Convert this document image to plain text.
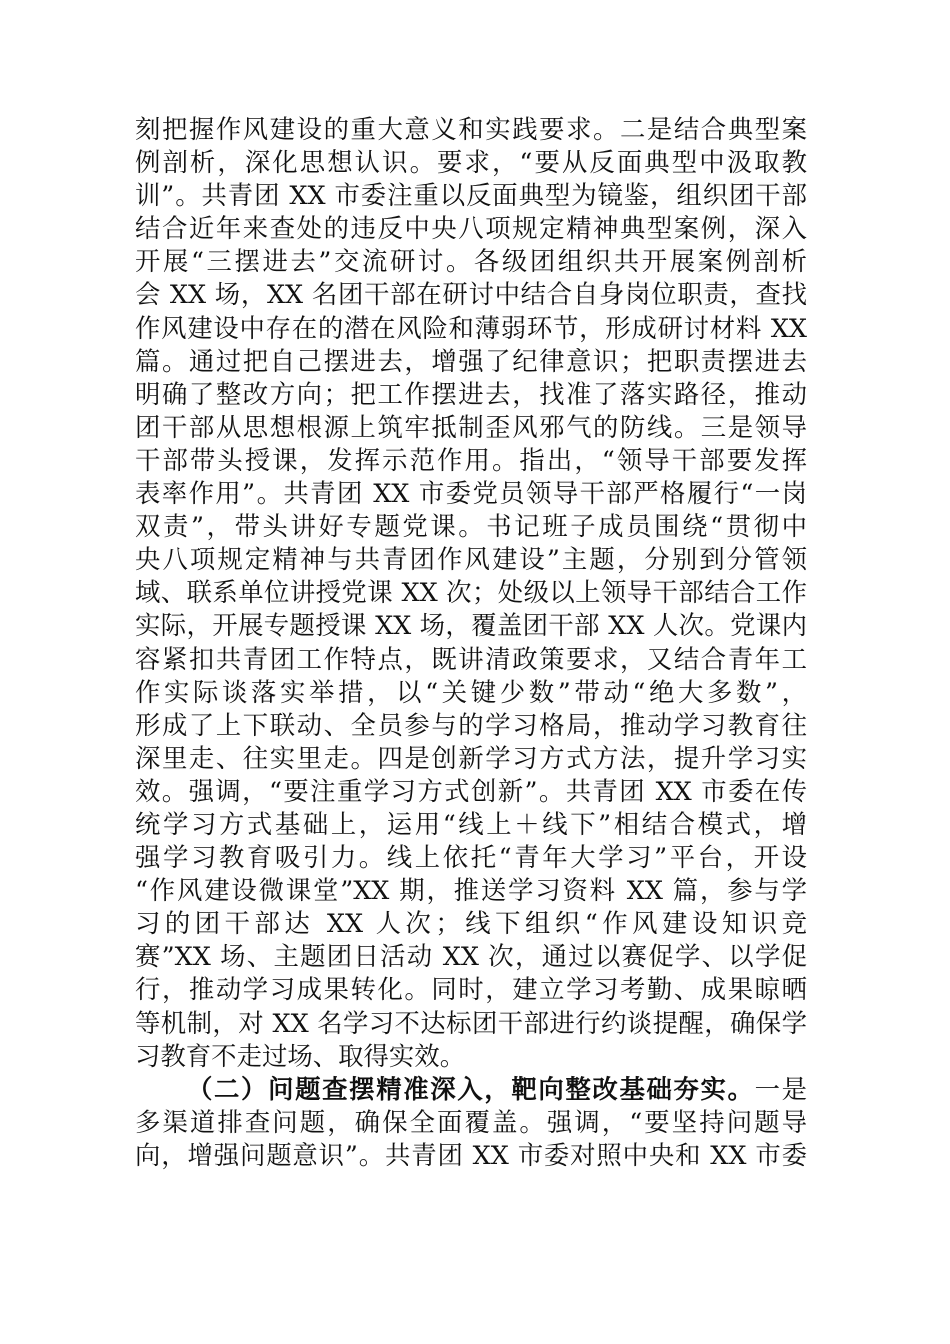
刻把握作风建设的重大意义和实践要求。二是结合典型案
例剖析，深化思想认识。要求，“要从反面典型中汲取教
训”。共青团 XX 市委注重以反面典型为镜鉴，组织团干部
结合近年来查处的违反中央八项规定精神典型案例，深入
开展“三摆进去”交流研讨。各级团组织共开展案例剖析
会 XX 场，XX 名团干部在研讨中结合自身岗位职责，查找
作风建设中存在的潜在风险和薄弱环节，形成研讨材料 XX
篇。通过把自己摆进去，增强了纪律意识；把职责摆进去
明确了整改方向；把工作摆进去，找准了落实路径，推动
团干部从思想根源上筑牢抵制歪风邪气的防线。三是领导
干部带头授课，发挥示范作用。指出，“领导干部要发挥
表率作用”。共青团 XX 市委党员领导干部严格履行“一岗
双责”，带头讲好专题党课。书记班子成员围绕“贯彻中
央八项规定精神与共青团作风建设”主题，分别到分管领
域、联系单位讲授党课 XX 次；处级以上领导干部结合工作
实际，开展专题授课 XX 场，覆盖团干部 XX 人次。党课内
容紧扣共青团工作特点，既讲清政策要求，又结合青年工
作实际谈落实举措，以“关键少数”带动“绝大多数”，
形成了上下联动、全员参与的学习格局，推动学习教育往
深里走、往实里走。四是创新学习方式方法，提升学习实
效。强调，“要注重学习方式创新”。共青团 XX 市委在传
统学习方式基础上，运用“线上＋线下”相结合模式，增
强学习教育吸引力。线上依托“青年大学习”平台，开设
“作风建设微课堂”XX 期，推送学习资料 XX 篇，参与学
习的团干部达 XX 人次；线下组织“作风建设知识竞
赛”XX 场、主题团日活动 XX 次，通过以赛促学、以学促
行，推动学习成果转化。同时，建立学习考勤、成果晾晒
等机制，对 XX 名学习不达标团干部进行约谈提醒，确保学
习教育不走过场、取得实效。
（二）问题查摆精准深入，靶向整改基础夯实。一是
多渠道排查问题，确保全面覆盖。强调，“要坚持问题导
向，增强问题意识”。共青团 XX 市委对照中央和 XX 市委
